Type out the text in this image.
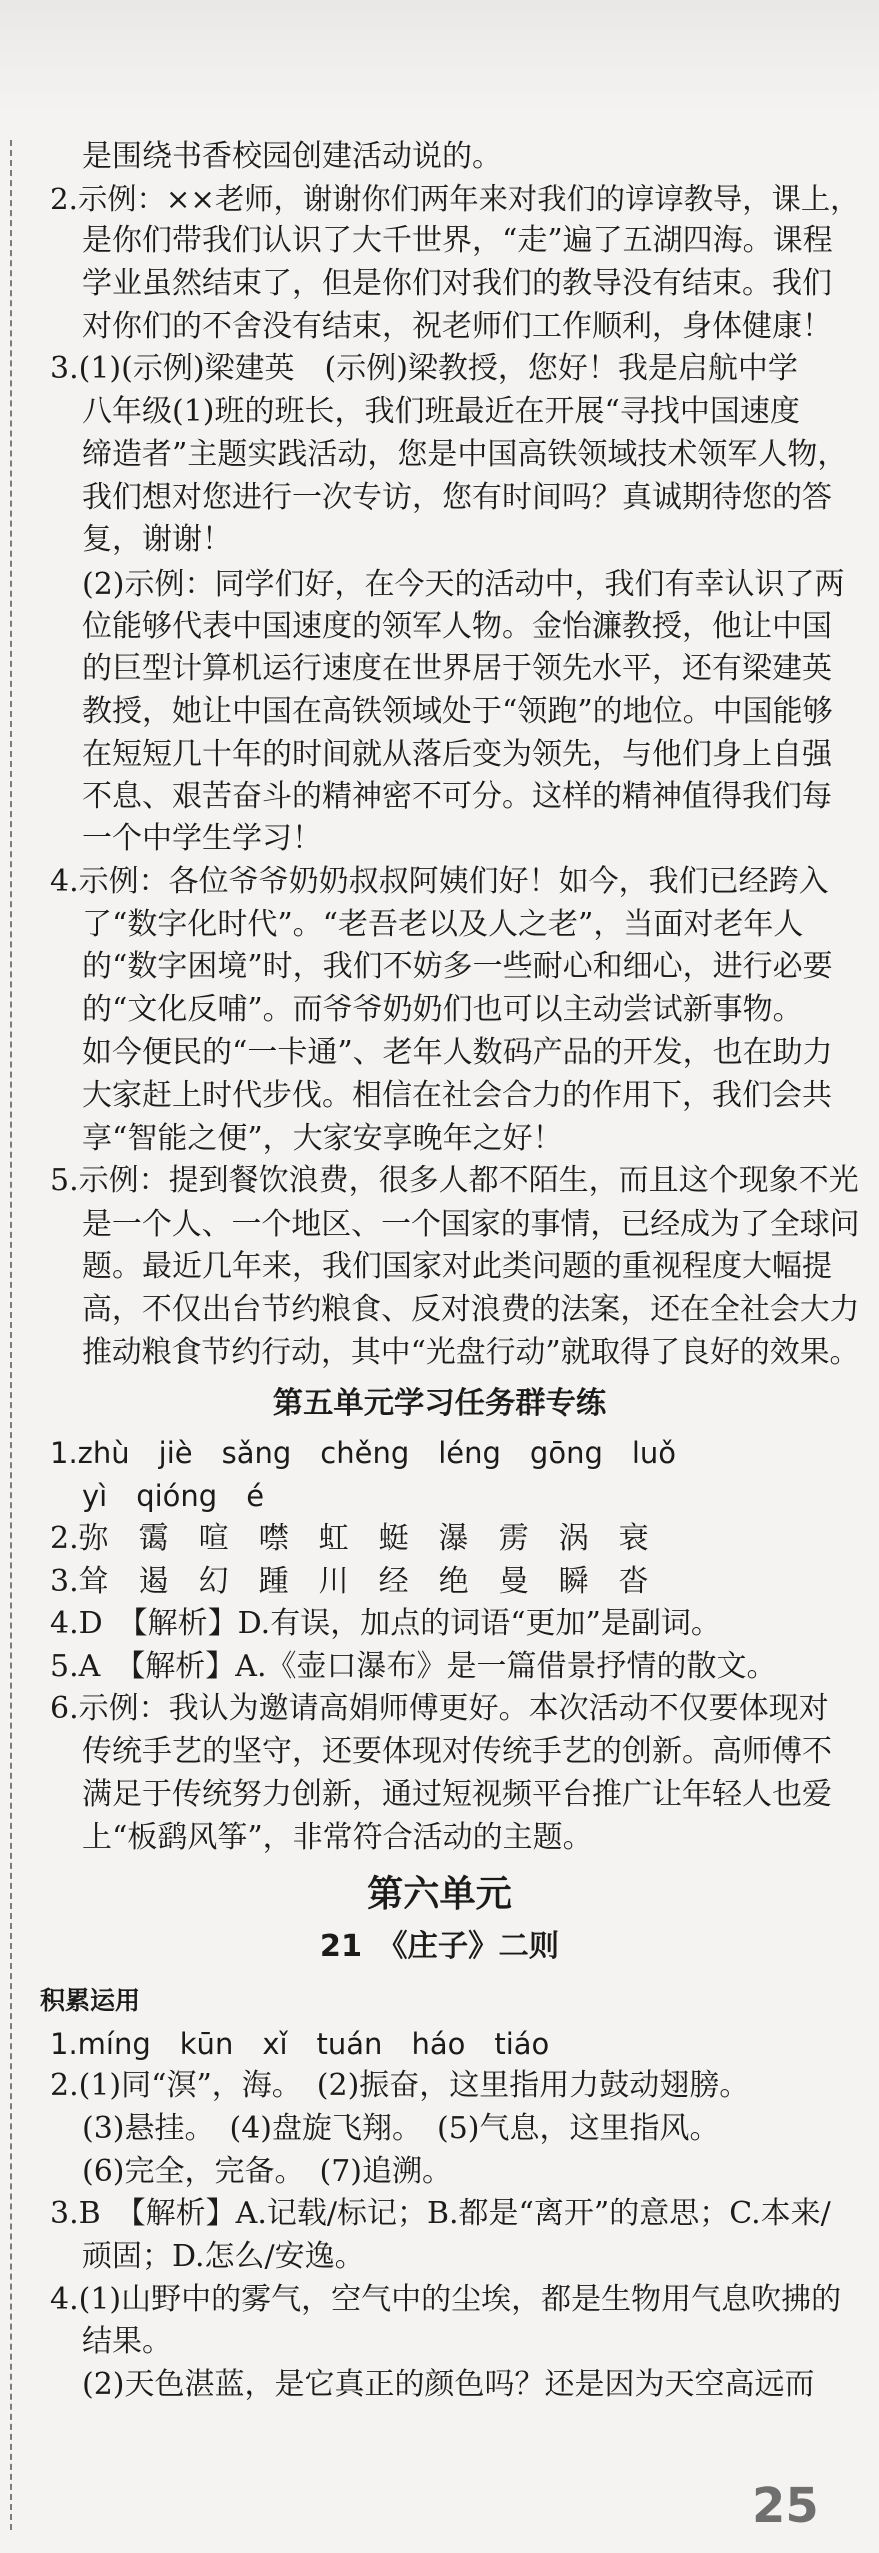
是围绕书香校园创建活动说的。
2.示例：××老师，谢谢你们两年来对我们的谆谆教导，课上，
是你们带我们认识了大千世界，“走”遍了五湖四海。课程
学业虽然结束了，但是你们对我们的教导没有结束。我们
对你们的不舍没有结束，祝老师们工作顺利，身体健康！
3.(1)(示例)梁建英　(示例)梁教授，您好！我是启航中学
八年级(1)班的班长，我们班最近在开展“寻找中国速度
缔造者”主题实践活动，您是中国高铁领域技术领军人物，
我们想对您进行一次专访，您有时间吗？真诚期待您的答
复，谢谢！
(2)示例：同学们好，在今天的活动中，我们有幸认识了两
位能够代表中国速度的领军人物。金怡濂教授，他让中国
的巨型计算机运行速度在世界居于领先水平，还有梁建英
教授，她让中国在高铁领域处于“领跑”的地位。中国能够
在短短几十年的时间就从落后变为领先，与他们身上自强
不息、艰苦奋斗的精神密不可分。这样的精神值得我们每
一个中学生学习！
4.示例：各位爷爷奶奶叔叔阿姨们好！如今，我们已经跨入
了“数字化时代”。“老吾老以及人之老”，当面对老年人
的“数字困境”时，我们不妨多一些耐心和细心，进行必要
的“文化反哺”。而爷爷奶奶们也可以主动尝试新事物。
如今便民的“一卡通”、老年人数码产品的开发，也在助力
大家赶上时代步伐。相信在社会合力的作用下，我们会共
享“智能之便”，大家安享晚年之好！
5.示例：提到餐饮浪费，很多人都不陌生，而且这个现象不光
是一个人、一个地区、一个国家的事情，已经成为了全球问
题。最近几年来，我们国家对此类问题的重视程度大幅提
高，不仅出台节约粮食、反对浪费的法案，还在全社会大力
推动粮食节约行动，其中“光盘行动”就取得了良好的效果。
第五单元学习任务群专练
1.zhù　jiè　sǎng　chěng　léng　gōng　luǒ
yì　qióng　é
2.弥　霭　喧　噤　虹　蜓　瀑　雳　涡　衰
3.耸　遏　幻　踵　川　经　绝　曼　瞬　沓
4.D　【解析】D.有误，加点的词语“更加”是副词。
5.A　【解析】A.《壶口瀑布》是一篇借景抒情的散文。
6.示例：我认为邀请高娟师傅更好。本次活动不仅要体现对
传统手艺的坚守，还要体现对传统手艺的创新。高师傅不
满足于传统努力创新，通过短视频平台推广让年轻人也爱
上“板鹞风筝”，非常符合活动的主题。
第六单元
21　《庄子》二则
积累运用
1.míng　kūn　xǐ　tuán　háo　tiáo
2.(1)同“溟”，海。　(2)振奋，这里指用力鼓动翅膀。
(3)悬挂。　(4)盘旋飞翔。　(5)气息，这里指风。
(6)完全，完备。　(7)追溯。
3.B　【解析】A.记载/标记；B.都是“离开”的意思；C.本来/
顽固；D.怎么/安逸。
4.(1)山野中的雾气，空气中的尘埃，都是生物用气息吹拂的
结果。
(2)天色湛蓝，是它真正的颜色吗？还是因为天空高远而
25
